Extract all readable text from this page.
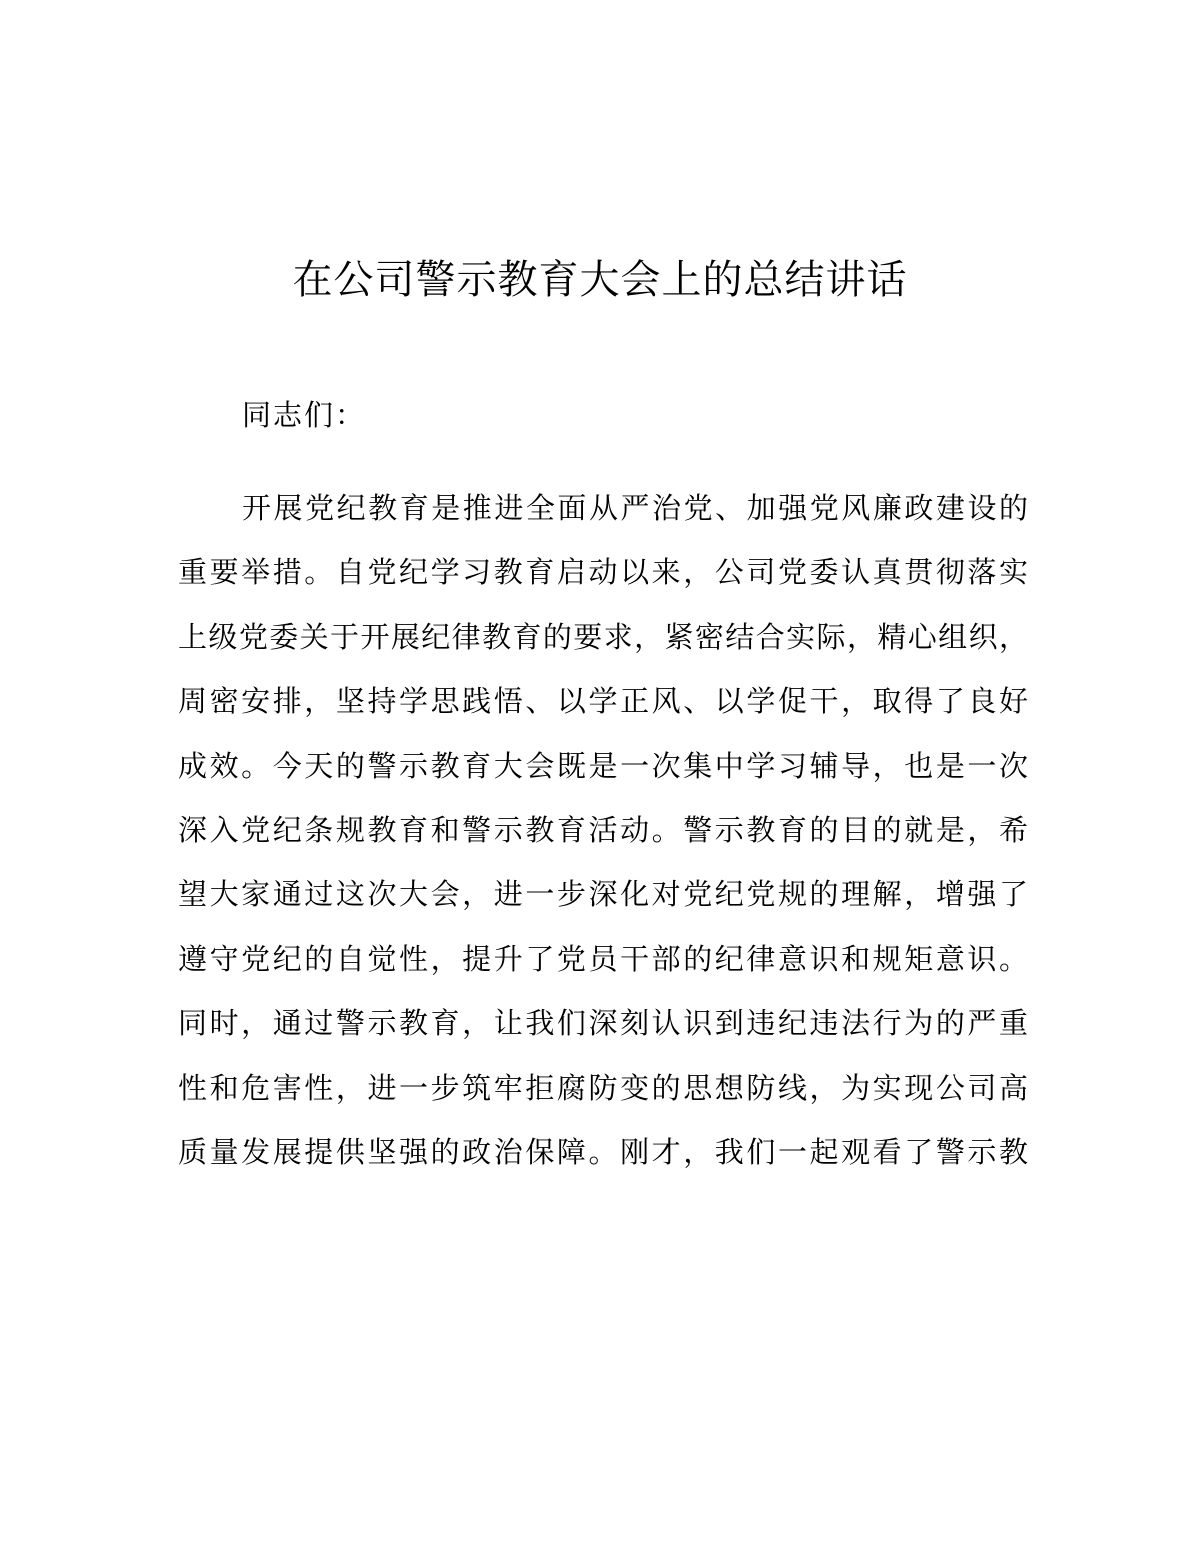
在公司警示教育大会上的总结讲话

同志们：

开展党纪教育是推进全面从严治党、加强党风廉政建设的
重要举措。自党纪学习教育启动以来，公司党委认真贯彻落实
上级党委关于开展纪律教育的要求，紧密结合实际，精心组织，
周密安排，坚持学思践悟、以学正风、以学促干，取得了良好
成效。今天的警示教育大会既是一次集中学习辅导，也是一次
深入党纪条规教育和警示教育活动。警示教育的目的就是，希
望大家通过这次大会，进一步深化对党纪党规的理解，增强了
遵守党纪的自觉性，提升了党员干部的纪律意识和规矩意识。
同时，通过警示教育，让我们深刻认识到违纪违法行为的严重
性和危害性，进一步筑牢拒腐防变的思想防线，为实现公司高
质量发展提供坚强的政治保障。刚才，我们一起观看了警示教
